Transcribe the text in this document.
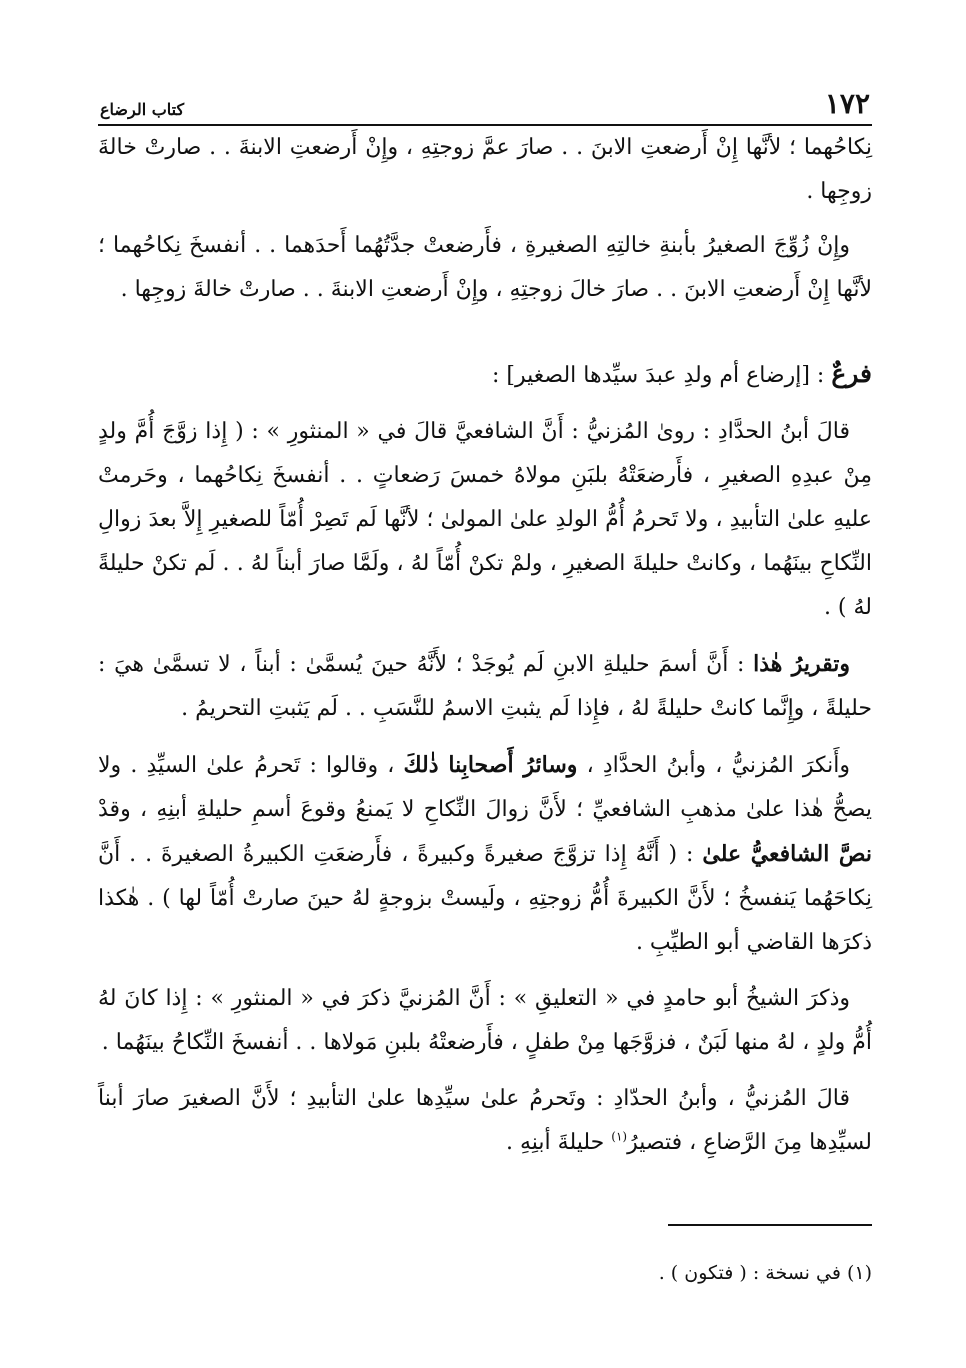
١٧٢
كتاب الرضاع

نِكاحُهما ؛ لأنَّها إِنْ أَرضعتِ الابنَ . . صارَ عمَّ زوجتِهِ ، وإِنْ أَرضعتِ الابنةَ . . صارتْ خالةَ زوجِها .

وإِنْ زُوِّجَ الصغيرُ بأبنةِ خالتِهِ الصغيرةِ ، فأَرضعتْ جدَّتُهُما أَحدَهما . . أنفسخَ نِكاحُهما ؛ لأنَّها إِنْ أَرضعتِ الابنَ . . صارَ خالَ زوجتِهِ ، وإِنْ أَرضعتِ الابنةَ . . صارتْ خالةَ زوجِها .

فرعٌ : [إرضاع أم ولدِ عبدَ سيِّدها الصغير] :

قالَ أبنُ الحدَّادِ : روىٰ المُزنيُّ : أَنَّ الشافعيَّ قالَ في « المنثورِ » : ( إِذا زوَّجَ أُمَّ ولدٍ مِنْ عبدِهِ الصغيرِ ، فأَرضعَتْهُ بلبَنِ مولاهُ خمسَ رَضعاتٍ . . أنفسخَ نِكاحُهما ، وحَرمتْ عليهِ علىٰ التأبيدِ ، ولا تَحرمُ أُمُّ الولدِ علىٰ المولىٰ ؛ لأنَّها لَم تَصِرْ أُمّاً للصغيرِ إِلاَّ بعدَ زوالِ النِّكاحِ بينَهُما ، وكانتْ حليلةَ الصغيرِ ، ولمْ تكنْ أُمّاً لهُ ، ولَمَّا صارَ أبناً لهُ . . لَم تكنْ حليلةً لهُ ) .

وتقريرُ هٰذا : أَنَّ أسمَ حليلةِ الابنِ لَم يُوجَدْ ؛ لأَنَّهُ حينَ يُسمَّىٰ : أبناً ، لا تسمَّىٰ هيَ : حليلةً ، وإِنَّما كانتْ حليلةً لهُ ، فإِذا لَم يثبتِ الاسمُ للنَّسَبِ . . لَم يَثبتِ التحريمُ .

وأَنكرَ المُزنيُّ ، وأبنُ الحدَّادِ ، وسائرُ أَصحابِنا ذٰلكَ ، وقالوا : تَحرمُ علىٰ السيِّدِ . ولا يصحُّ هٰذا علىٰ مذهبِ الشافعيِّ ؛ لأَنَّ زوالَ النِّكاحِ لا يَمنعُ وقوعَ أسمِ حليلةِ أبنِهِ ، وقدْ نصَّ الشافعيُّ علىٰ : ( أَنَّهُ إِذا تزوَّجَ صغيرةً وكبيرةً ، فأَرضعَتِ الكبيرةُ الصغيرةَ . . أَنَّ نِكاحَهُما يَنفسخُ ؛ لأَنَّ الكبيرةَ أُمُّ زوجتِهِ ، ولَيستْ بزوجةٍ لهُ حينَ صارتْ أُمّاً لها ) . هٰكذا ذكرَها القاضي أبو الطيِّبِ .

وذكرَ الشيخُ أبو حامدٍ في « التعليقِ » : أَنَّ المُزنيَّ ذكرَ في « المنثورِ » : إِذا كانَ لهُ أُمُّ ولدٍ ، لهُ منها لَبَنٌ ، فزوَّجَها مِنْ طفلٍ ، فأَرضعتْهُ بلبنِ مَولاها . . أنفسخَ النِّكاحُ بينَهُما .

قالَ المُزنيُّ ، وأبنُ الحدّادِ : وتَحرمُ علىٰ سيِّدِها علىٰ التأبيدِ ؛ لأَنَّ الصغيرَ صارَ أبناً لسيِّدِها مِنَ الرَّضاعِ ، فتصيرُ$^{(١)}$ حليلةَ أبنِهِ .

(١) في نسخة : ( فتكون ) .
